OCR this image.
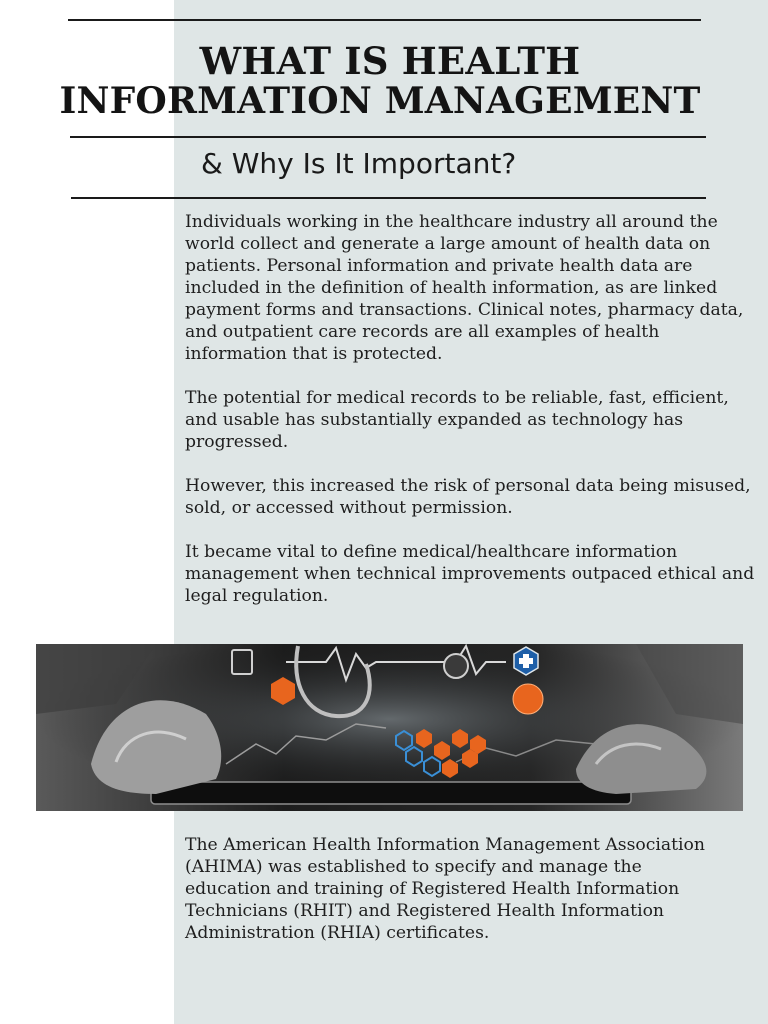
WHAT IS HEALTH
INFORMATION MANAGEMENT
& Why Is It Important?

Individuals working in the healthcare industry all around the world collect and generate a large amount of health data on patients. Personal information and private health data are included in the definition of health information, as are linked payment forms and transactions. Clinical notes, pharmacy data, and outpatient care records are all examples of health information that is protected.

The potential for medical records to be reliable, fast, efficient, and usable has substantially expanded as technology has progressed.

However, this increased the risk of personal data being misused, sold, or accessed without permission.

It became vital to define medical/healthcare information management when technical improvements outpaced ethical and legal regulation.

The American Health Information Management Association (AHIMA) was established to specify and manage the education and training of Registered Health Information Technicians (RHIT) and Registered Health Information Administration (RHIA) certificates.
